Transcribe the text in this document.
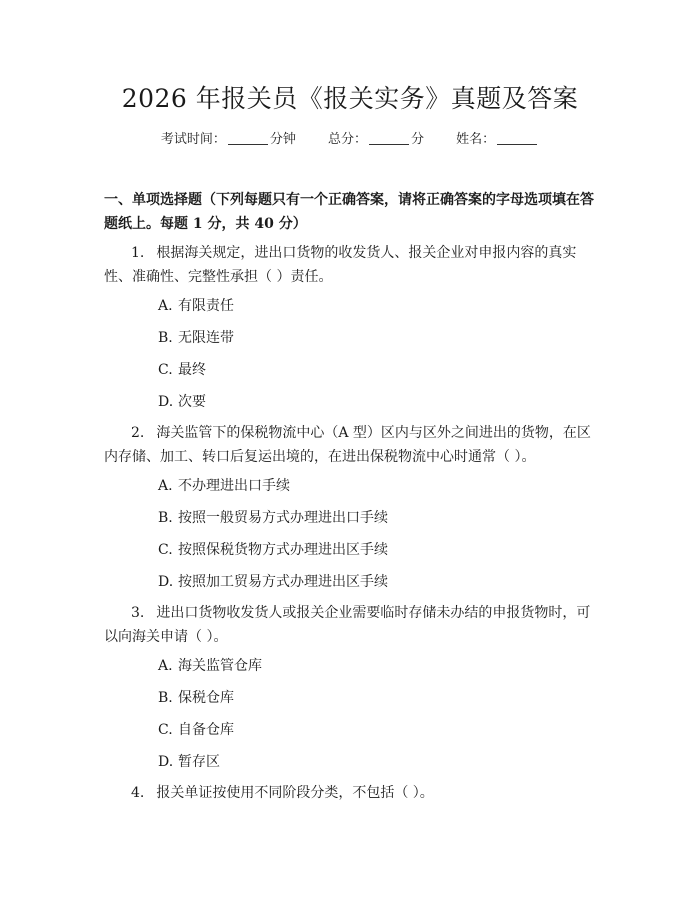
2026 年报关员《报关实务》真题及答案
考试时间：	分钟 总分：	分 姓名：
一、单项选择题（下列每题只有一个正确答案，请将正确答案的字母选项填在答题纸上。每题 1 分，共 40 分）
1. 根据海关规定，进出口货物的收发货人、报关企业对申报内容的真实性、准确性、完整性承担（ ）责任。
A. 有限责任
B. 无限连带
C. 最终
D. 次要
2. 海关监管下的保税物流中心（A 型）区内与区外之间进出的货物，在区内存储、加工、转口后复运出境的，在进出保税物流中心时通常（ ）。
A. 不办理进出口手续
B. 按照一般贸易方式办理进出口手续
C. 按照保税货物方式办理进出区手续
D. 按照加工贸易方式办理进出区手续
3. 进出口货物收发货人或报关企业需要临时存储未办结的申报货物时，可以向海关申请（ ）。
A. 海关监管仓库
B. 保税仓库
C. 自备仓库
D. 暂存区
4. 报关单证按使用不同阶段分类，不包括（ ）。
